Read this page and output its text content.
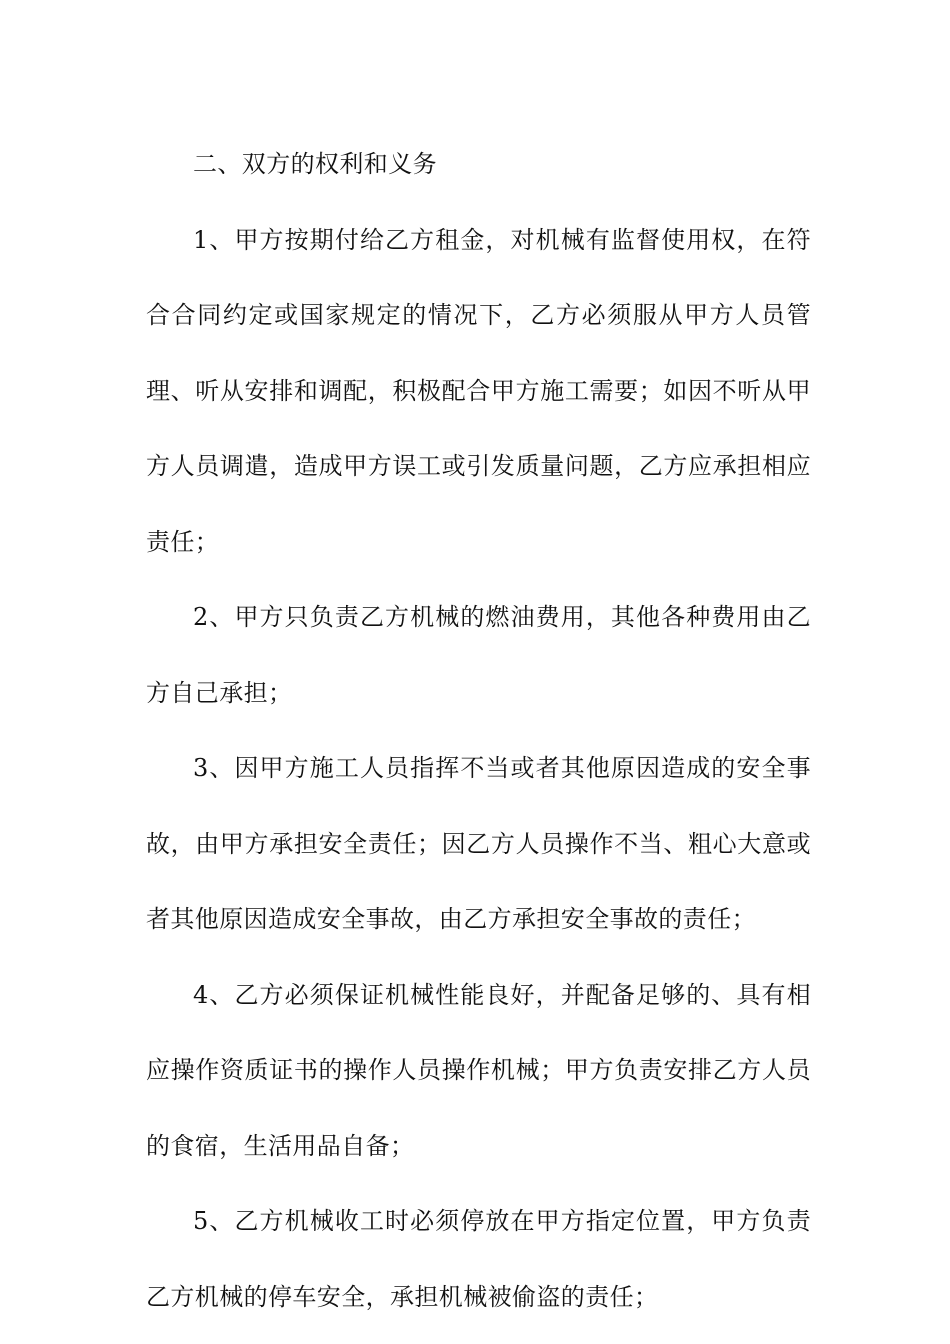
二、双方的权利和义务

1、甲方按期付给乙方租金，对机械有监督使用权，在符合合同约定或国家规定的情况下，乙方必须服从甲方人员管理、听从安排和调配，积极配合甲方施工需要；如因不听从甲方人员调遣，造成甲方误工或引发质量问题，乙方应承担相应责任；

2、甲方只负责乙方机械的燃油费用，其他各种费用由乙方自己承担；

3、因甲方施工人员指挥不当或者其他原因造成的安全事故，由甲方承担安全责任；因乙方人员操作不当、粗心大意或者其他原因造成安全事故，由乙方承担安全事故的责任；

4、乙方必须保证机械性能良好，并配备足够的、具有相应操作资质证书的操作人员操作机械；甲方负责安排乙方人员的食宿，生活用品自备；

5、乙方机械收工时必须停放在甲方指定位置，甲方负责乙方机械的停车安全，承担机械被偷盗的责任；
